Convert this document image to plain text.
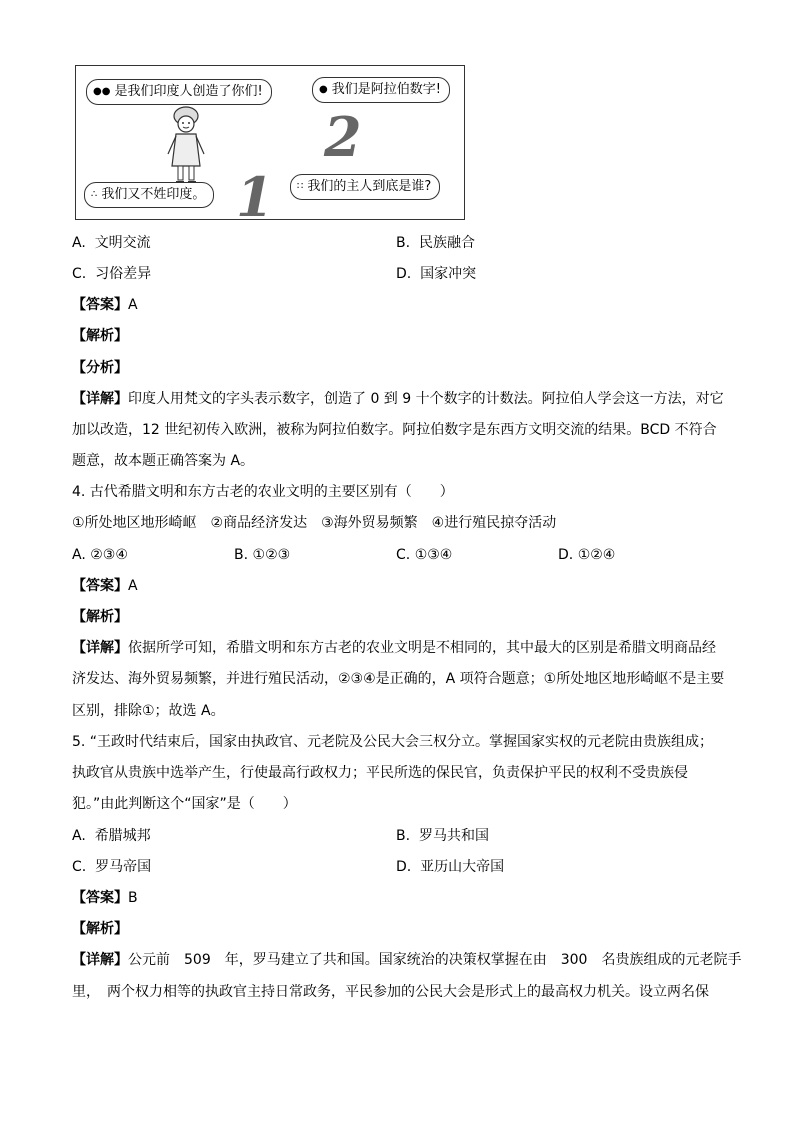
●● 是我们印度人创造了你们!	● 我们是阿拉伯数字!
∴ 我们又不姓印度。
∷ 我们的主人到底是谁?
2
1
A. 文明交流	B. 民族融合
C. 习俗差异	D. 国家冲突
【答案】A
【解析】
【分析】
【详解】印度人用梵文的字头表示数字，创造了 0 到 9 十个数字的计数法。阿拉伯人学会这一方法，对它
加以改造，12 世纪初传入欧洲，被称为阿拉伯数字。阿拉伯数字是东西方文明交流的结果。BCD 不符合
题意，故本题正确答案为 A。
4. 古代希腊文明和东方古老的农业文明的主要区别有（　　）
①所处地区地形崎岖　②商品经济发达　③海外贸易频繁　④进行殖民掠夺活动
A. ②③④	B. ①②③	C. ①③④	D. ①②④
【答案】A
【解析】
【详解】依据所学可知，希腊文明和东方古老的农业文明是不相同的，其中最大的区别是希腊文明商品经
济发达、海外贸易频繁，并进行殖民活动，②③④是正确的，A 项符合题意；①所处地区地形崎岖不是主要
区别，排除①；故选 A。
5. “王政时代结束后，国家由执政官、元老院及公民大会三权分立。掌握国家实权的元老院由贵族组成；
执政官从贵族中选举产生，行使最高行政权力；平民所选的保民官，负责保护平民的权利不受贵族侵
犯。”由此判断这个“国家”是（　　）
A. 希腊城邦	B. 罗马共和国
C. 罗马帝国	D. 亚历山大帝国
【答案】B
【解析】
【详解】公元前　509　年，罗马建立了共和国。国家统治的决策权掌握在由　300　名贵族组成的元老院手
里，　两个权力相等的执政官主持日常政务，平民参加的公民大会是形式上的最高权力机关。设立两名保
